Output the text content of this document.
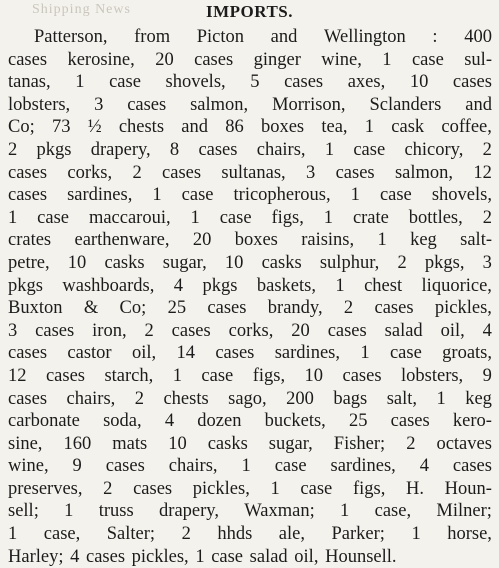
Shipping News	IMPORTS.
Patterson, from Picton and Wellington : 400
cases kerosine, 20 cases ginger wine, 1 case sul-
tanas, 1 case shovels, 5 cases axes, 10 cases
lobsters, 3 cases salmon, Morrison, Sclanders and
Co; 73 ½ chests and 86 boxes tea, 1 cask coffee,
2 pkgs drapery, 8 cases chairs, 1 case chicory, 2
cases corks, 2 cases sultanas, 3 cases salmon, 12
cases sardines, 1 case tricopherous, 1 case shovels,
1 case maccaroui, 1 case figs, 1 crate bottles, 2
crates earthenware, 20 boxes raisins, 1 keg salt-
petre, 10 casks sugar, 10 casks sulphur, 2 pkgs, 3
pkgs washboards, 4 pkgs baskets, 1 chest liquorice,
Buxton & Co; 25 cases brandy, 2 cases pickles,
3 cases iron, 2 cases corks, 20 cases salad oil, 4
cases castor oil, 14 cases sardines, 1 case groats,
12 cases starch, 1 case figs, 10 cases lobsters, 9
cases chairs, 2 chests sago, 200 bags salt, 1 keg
carbonate soda, 4 dozen buckets, 25 cases kero-
sine, 160 mats 10 casks sugar, Fisher; 2 octaves
wine, 9 cases chairs, 1 case sardines, 4 cases
preserves, 2 cases pickles, 1 case figs, H. Houn-
sell; 1 truss drapery, Waxman; 1 case, Milner;
1 case, Salter; 2 hhds ale, Parker; 1 horse,
Harley; 4 cases pickles, 1 case salad oil, Hounsell.
